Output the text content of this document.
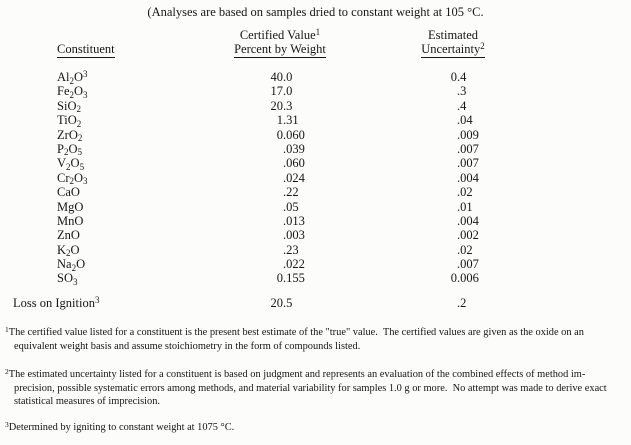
(Analyses are based on samples dried to constant weight at 105 °C.
Constituent
Certified Value$^1$
Percent by Weight
Estimated
Uncertainty$^2$
$Al_2O^3$	40 .0	0 .4
$Fe_2O_3$	17 .0	.3
SiO$_2$	20 .3	.4
TiO$_2$	1 .31	.04
ZrO$_2$	0 .060	.009
$P_2O_5$	.039	.007
$V_2O_5$	.060	.007
$Cr_2O_3$	.024	.004
CaO	.22	.02
MgO	.05	.01
MnO	.013	.004
ZnO	.003	.002
$K_2O$	.23	.02
$Na_2O$	.022	.007
$SO_3$	0 .155	0 .006
Loss on Ignition$^3$	20 .5	.2
$^1$The certified value listed for a constituent is the present best estimate of the "true" value.  The certified values are given as the oxide on an
equivalent weight basis and assume stoichiometry in the form of compounds listed.
$^2$The estimated uncertainty listed for a constituent is based on judgment and represents an evaluation of the combined effects of method im-
precision, possible systematic errors among methods, and material variability for samples 1.0 g or more.  No attempt was made to derive exact
statistical measures of imprecision.
$^3$Determined by igniting to constant weight at 1075 °C.
